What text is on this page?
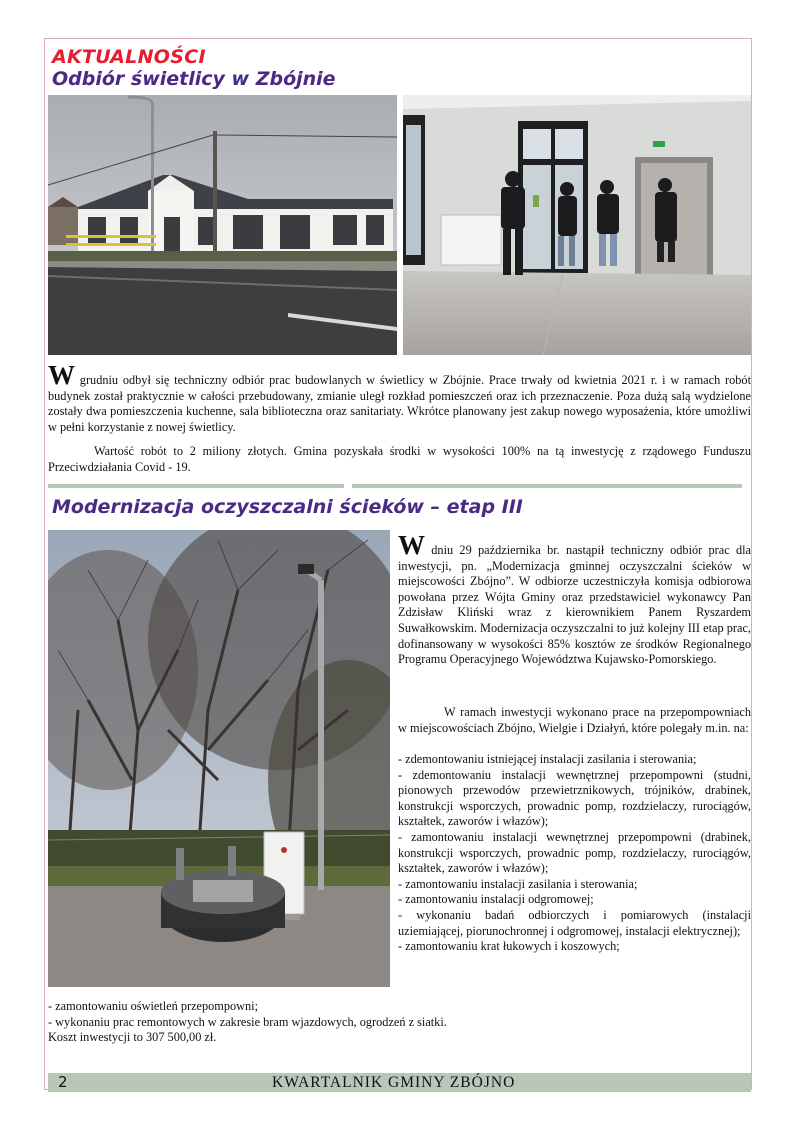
AKTUALNOŚCI
Odbiór świetlicy w Zbójnie

W grudniu odbył się techniczny odbiór prac budowlanych w świetlicy w Zbójnie. Prace trwały od kwietnia 2021 r. i w ramach robót budynek został praktycznie w całości przebudowany, zmianie uległ rozkład pomieszczeń oraz ich przeznaczenie. Poza dużą salą wydzielone zostały dwa pomieszczenia kuchenne, sala biblioteczna oraz sanitariaty. Wkrótce planowany jest zakup nowego wyposażenia, które umożliwi w pełni korzystanie z nowej świetlicy.

Wartość robót to 2 miliony złotych. Gmina pozyskała środki w wysokości 100% na tą inwestycję z rządowego Funduszu Przeciwdziałania Covid - 19.

Modernizacja oczyszczalni ścieków – etap III

W dniu 29 października br. nastąpił techniczny odbiór prac dla inwestycji, pn. „Modernizacja gminnej oczyszczalni ścieków w miejscowości Zbójno”. W odbiorze uczestniczyła komisja odbiorowa powołana przez Wójta Gminy oraz przedstawiciel wykonawcy Pan Zdzisław Kliński wraz z kierownikiem Panem Ryszardem Suwałkowskim. Modernizacja oczyszczalni to już kolejny III etap prac, dofinansowany w wysokości 85% kosztów ze środków Regionalnego Programu Operacyjnego Województwa Kujawsko-Pomorskiego.

W ramach inwestycji wykonano prace na przepompowniach w miejscowościach Zbójno, Wielgie i Działyń, które polegały m.in. na:

- zdemontowaniu istniejącej instalacji zasilania i sterowania;
- zdemontowaniu instalacji wewnętrznej przepompowni (studni, pionowych przewodów przewietrznikowych, trójników, drabinek, konstrukcji wsporczych, prowadnic pomp, rozdzielaczy, rurociągów, kształtek, zaworów i włazów);
- zamontowaniu instalacji wewnętrznej przepompowni (drabinek, konstrukcji wsporczych, prowadnic pomp, rozdzielaczy, rurociągów, kształtek, zaworów i włazów);
- zamontowaniu instalacji zasilania i sterowania;
- zamontowaniu instalacji odgromowej;
- wykonaniu badań odbiorczych i pomiarowych (instalacji uziemiającej, piorunochronnej i odgromowej, instalacji elektrycznej);
- zamontowaniu krat łukowych i koszowych;
- zamontowaniu oświetleń przepompowni;
- wykonaniu prac remontowych w zakresie bram wjazdowych, ogrodzeń z siatki.
Koszt inwestycji to 307 500,00 zł.
2	KWARTALNIK GMINY ZBÓJNO
